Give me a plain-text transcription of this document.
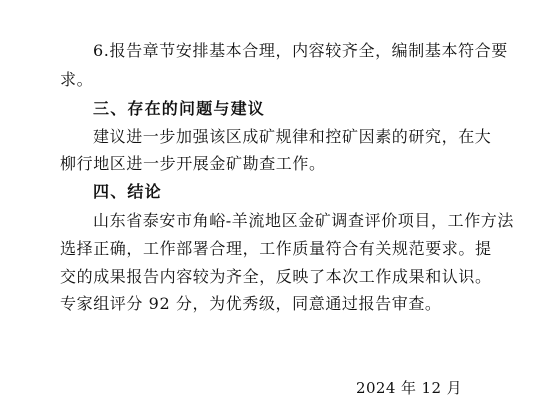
6.报告章节安排基本合理，内容较齐全，编制基本符合要
求。
三、存在的问题与建议
建议进一步加强该区成矿规律和控矿因素的研究，在大
柳行地区进一步开展金矿勘查工作。
四、结论
山东省泰安市角峪-羊流地区金矿调查评价项目，工作方法
选择正确，工作部署合理，工作质量符合有关规范要求。提
交的成果报告内容较为齐全，反映了本次工作成果和认识。
专家组评分 92 分，为优秀级，同意通过报告审查。
2024 年 12 月
